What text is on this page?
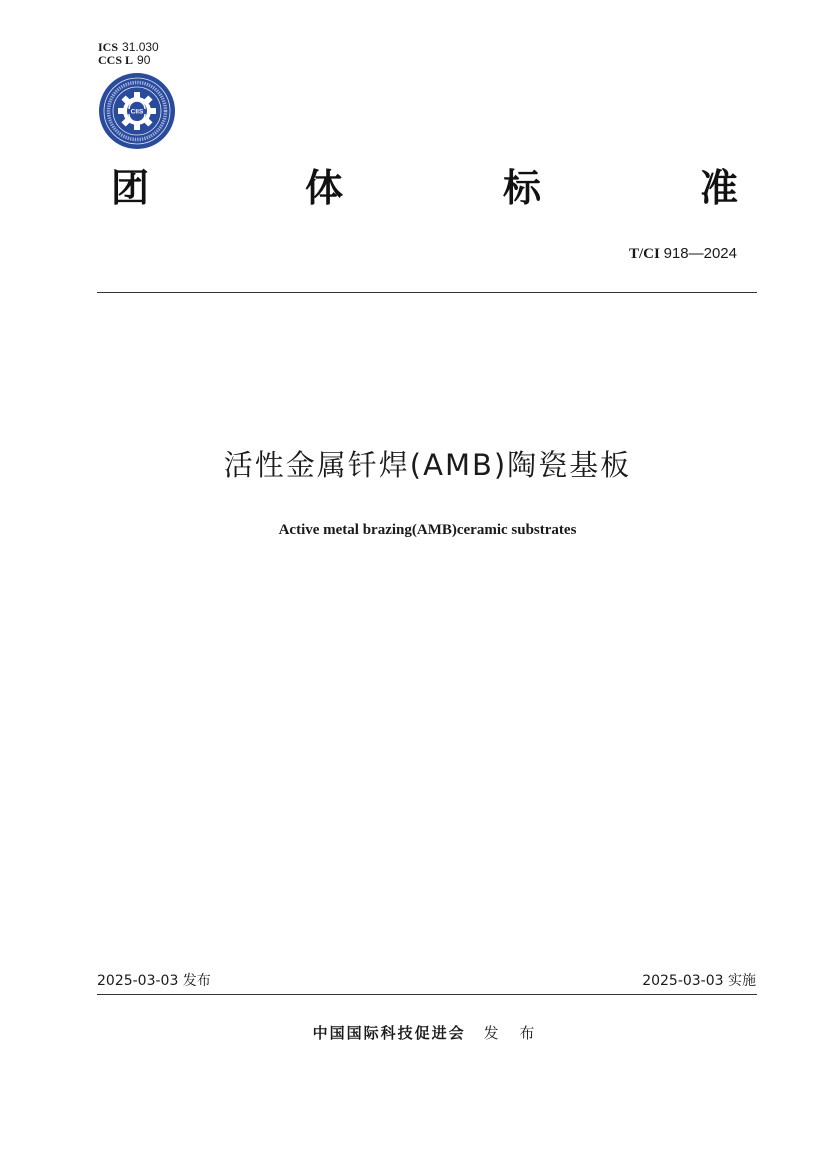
ICS 31.030
CCS L 90
CIIS
团	体	标	准
T/CI 918—2024
活性金属钎焊(AMB)陶瓷基板
Active metal brazing(AMB)ceramic substrates
2025-03-03 发布	2025-03-03 实施
中国国际科技促进会 发 布
